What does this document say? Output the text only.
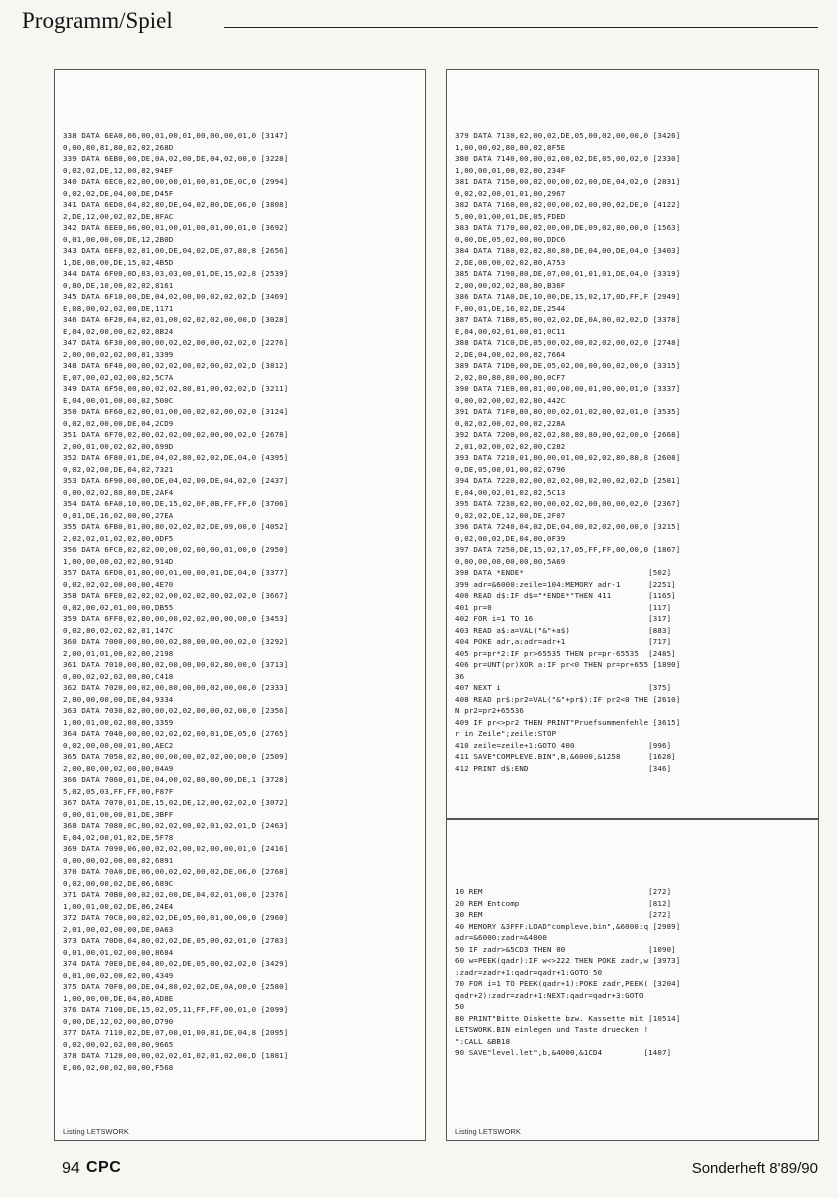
Programm/Spiel
338 DATA 6EA0,06,00,01,00,01,00,00,00,01,0 [3147]
0,00,80,81,80,02,02,268D
339 DATA 6EB0,00,DE,0A,02,00,DE,04,02,00,0 [3228]
0,02,02,DE,12,00,02,94EF
340 DATA 6EC0,02,00,00,00,01,00,01,DE,0C,0 [2994]
0,02,02,DE,04,00,DE,D45F
341 DATA 6ED0,04,02,80,DE,04,02,80,DE,06,0 [3808]
2,DE,12,00,02,02,DE,8FAC
342 DATA 6EE0,06,00,01,00,01,00,01,00,01,0 [3692]
0,01,00,00,00,DE,12,2B0D
343 DATA 6EF0,02,01,00,DE,04,02,DE,07,80,8 [2656]
1,DE,08,00,DE,15,02,4B5D
344 DATA 6F00,0D,03,03,03,00,01,DE,15,02,8 [2539]
0,80,DE,10,00,02,02,8161
345 DATA 6F10,00,DE,04,02,00,00,02,02,02,D [3469]
E,08,00,02,02,00,DE,1171
346 DATA 6F20,04,02,01,00,02,02,02,00,00,D [3028]
E,04,02,00,00,02,02,8B24
347 DATA 6F30,00,00,00,02,02,00,00,02,02,0 [2276]
2,00,00,02,02,00,01,3399
348 DATA 6F40,00,00,02,02,00,02,00,02,02,D [3812]
E,07,00,02,02,00,02,5C7A
349 DATA 6F50,00,00,02,02,80,81,00,02,02,D [3211]
E,04,00,01,00,00,02,500C
350 DATA 6F60,02,00,01,00,00,02,02,00,02,0 [3124]
0,02,02,00,00,DE,04,2CD9
351 DATA 6F70,02,00,02,02,00,02,00,00,02,0 [2678]
2,00,01,00,02,02,00,699D
352 DATA 6F80,01,DE,04,02,80,02,02,DE,04,0 [4395]
0,02,02,00,DE,04,02,7321
353 DATA 6F90,00,00,DE,04,02,00,DE,04,02,0 [2437]
0,00,02,02,80,80,DE,2AF4
354 DATA 6FA0,10,00,DE,15,02,0F,0B,FF,FF,0 [3706]
0,01,DE,16,02,00,00,27EA
355 DATA 6FB0,01,00,80,02,02,02,DE,09,00,0 [4052]
2,02,02,01,02,02,00,0DF5
356 DATA 6FC0,02,02,00,00,02,00,00,01,00,0 [2950]
1,00,00,00,02,02,00,914D
357 DATA 6FD0,01,00,00,01,00,00,01,DE,04,0 [3377]
0,02,02,02,00,00,00,4E70
358 DATA 6FE0,02,02,02,00,02,02,00,02,02,0 [3667]
0,02,00,02,01,00,00,DB55
359 DATA 6FF0,02,80,00,00,02,02,00,00,00,0 [3453]
0,02,80,02,02,02,01,147C
360 DATA 7000,00,00,00,02,80,00,00,00,02,0 [3292]
2,00,01,01,00,02,00,2198
361 DATA 7010,00,80,02,00,00,00,02,80,00,0 [3713]
0,00,02,02,02,00,00,C418
362 DATA 7020,00,02,00,80,00,00,02,00,00,0 [2333]
2,80,00,00,00,DE,04,9334
363 DATA 7030,02,00,00,02,02,00,00,02,00,0 [2356]
1,00,01,00,02,80,00,3359
364 DATA 7040,00,00,02,02,02,00,01,DE,05,0 [2765]
0,02,00,00,00,01,00,AEC2
365 DATA 7050,02,80,00,00,00,02,02,00,00,0 [2509]
2,00,80,00,02,00,00,04A9
366 DATA 7060,01,DE,04,00,02,80,00,00,DE,1 [3728]
5,02,05,03,FF,FF,00,F87F
367 DATA 7070,01,DE,15,02,DE,12,00,02,02,0 [3072]
0,00,01,00,00,01,DE,3BFF
368 DATA 7080,0C,00,02,02,00,02,01,02,01,D [2463]
E,04,02,00,01,02,DE,5F78
369 DATA 7090,06,00,02,02,00,02,00,00,01,0 [2416]
0,00,00,02,00,00,02,6891
370 DATA 70A0,DE,06,00,02,02,00,02,DE,06,0 [2768]
0,02,00,00,02,DE,06,689C
371 DATA 70B0,00,02,02,00,DE,04,02,01,00,0 [2376]
1,00,01,00,02,DE,06,24E4
372 DATA 70C0,00,02,02,DE,05,00,01,00,00,0 [2960]
2,01,00,02,00,00,DE,0A63
373 DATA 70D0,04,80,02,02,DE,05,00,02,01,0 [2783]
0,01,00,01,02,00,00,8684
374 DATA 70E0,DE,04,80,02,DE,05,00,02,02,0 [3429]
0,01,00,02,00,02,00,4349
375 DATA 70F0,00,DE,04,80,02,02,DE,0A,00,0 [2580]
1,00,00,00,DE,04,80,AD8E
376 DATA 7100,DE,15,02,05,11,FF,FF,00,01,0 [2099]
0,00,DE,12,02,00,00,D790
377 DATA 7110,02,DE,07,00,01,00,81,DE,04,8 [2095]
0,02,00,02,02,00,00,9665
378 DATA 7120,00,00,02,02,01,02,01,02,00,D [1881]
E,06,02,00,02,00,00,F568
Listing LETSWORK
379 DATA 7130,02,00,02,DE,05,00,02,00,00,0 [3426]
1,00,00,02,80,80,02,8F5E
380 DATA 7140,00,00,02,00,02,DE,05,00,02,0 [2330]
1,00,00,01,00,02,00,234F
381 DATA 7150,00,02,00,00,02,00,DE,04,02,0 [2831]
0,02,02,00,01,01,00,2967
382 DATA 7160,00,02,00,00,02,00,00,02,DE,0 [4122]
5,00,01,00,01,DE,05,FDED
383 DATA 7170,00,02,00,00,DE,09,02,80,00,0 [1563]
0,00,DE,05,02,00,00,DDC6
384 DATA 7180,02,02,80,80,DE,04,00,DE,04,0 [3403]
2,DE,08,00,02,02,80,A753
385 DATA 7190,80,DE,07,00,01,01,01,DE,04,0 [3319]
2,00,00,02,02,80,80,B36F
386 DATA 71A0,DE,10,00,DE,15,02,17,0D,FF,F [2949]
F,00,01,DE,16,02,DE,2544
387 DATA 71B0,05,00,02,02,DE,0A,00,02,02,D [3378]
E,04,00,02,01,00,01,0C11
388 DATA 71C0,DE,05,00,02,00,02,02,00,02,0 [2748]
2,DE,04,00,02,00,02,7664
389 DATA 71D0,00,DE,05,02,00,00,00,02,00,0 [3315]
2,02,80,80,80,00,00,0CF7
390 DATA 71E0,00,01,00,00,00,01,00,00,01,0 [3337]
0,00,02,00,02,02,80,442C
391 DATA 71F0,80,80,00,02,01,02,00,02,01,0 [3535]
0,02,02,00,02,00,02,228A
392 DATA 7200,00,02,02,80,80,80,00,02,00,0 [2668]
2,01,02,00,02,02,00,C282
393 DATA 7210,01,00,00,01,00,02,02,80,80,8 [2608]
0,DE,05,00,01,00,02,6796
394 DATA 7220,02,00,02,02,00,02,00,02,02,D [2581]
E,04,00,02,01,02,02,5C13
395 DATA 7230,02,00,00,02,02,00,00,00,02,0 [2367]
0,02,02,DE,12,00,DE,2F07
396 DATA 7240,04,02,DE,04,00,02,02,00,00,0 [3215]
0,02,00,02,DE,04,00,0F39
397 DATA 7250,DE,15,02,17,05,FF,FF,00,00,0 [1867]
0,00,00,00,00,00,00,5A69
398 DATA *ENDE*                           [502]
399 adr=&6000:zeile=104:MEMORY adr-1      [2251]
400 READ d$:IF d$="*ENDE*"THEN 411        [1165]
401 pr=0                                  [117]
402 FOR i=1 TO 16                         [317]
403 READ a$:a=VAL("&"+a$)                 [883]
404 POKE adr,a:adr=adr+1                  [717]
405 pr=pr*2:IF pr>65535 THEN pr=pr-65535  [2485]
406 pr=UNT(pr)XOR a:IF pr<0 THEN pr=pr+655 [1890]
36
407 NEXT i                                [375]
408 READ pr$:pr2=VAL("&"+pr$):IF pr2<0 THE [2610]
N pr2=pr2+65536
409 IF pr<>pr2 THEN PRINT"Pruefsummenfehle [3615]
r in Zeile";zeile:STOP
410 zeile=zeile+1:GOTO 400                [996]
411 SAVE"COMPLEVE.BIN",B,&6000,&1258      [1628]
412 PRINT d$:END                          [346]
10 REM                                    [272]
20 REM Entcomp                            [812]
30 REM                                    [272]
40 MEMORY &3FFF:LOAD"compleve.bin",&6000:q [2989]
adr=&6000:zadr=&4000
50 IF zadr>&5CD3 THEN 80                  [1090]
60 w=PEEK(qadr):IF w<>222 THEN POKE zadr,w [3973]
:zadr=zadr+1:qadr=qadr+1:GOTO 50
70 FOR i=1 TO PEEK(qadr+1):POKE zadr,PEEK( [3204]
qadr+2):zadr=zadr+1:NEXT:qadr=qadr+3:GOTO
50
80 PRINT"Bitte Diskette bzw. Kassette mit [10514]
LETSWORK.BIN einlegen und Taste druecken !
":CALL &BB18
90 SAVE"level.let",b,&4000,&1CD4         [1407]
Listing LETSWORK
94 CPC	Sonderheft 8'89/90
